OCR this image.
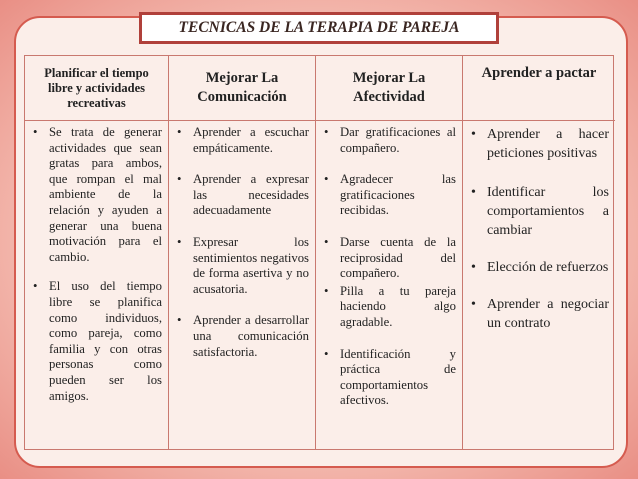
TECNICAS DE LA TERAPIA DE PAREJA
Planificar el tiempo libre y actividades recreativas
• Se trata de generar actividades que sean gratas para ambos, que rompan el mal ambiente de la relación y ayuden a generar una buena motivación para el cambio.
• El uso del tiempo libre se planifica como individuos, como pareja, como familia y con otras personas como pueden ser los amigos.
Mejorar La Comunicación
• Aprender a escuchar empáticamente.
• Aprender a expresar las necesidades adecuadamente
• Expresar los sentimientos negativos de forma asertiva y no acusatoria.
• Aprender a desarrollar una comunicación satisfactoria.
Mejorar La Afectividad
• Dar gratificaciones al compañero.
• Agradecer las gratificaciones recibidas.
• Darse cuenta de la reciprosidad del compañero.
• Pilla a tu pareja haciendo algo agradable.
• Identificación y práctica de comportamientos afectivos.
Aprender a pactar
• Aprender a hacer peticiones positivas
• Identificar los comportamientos a cambiar
• Elección de refuerzos
• Aprender a negociar un contrato
